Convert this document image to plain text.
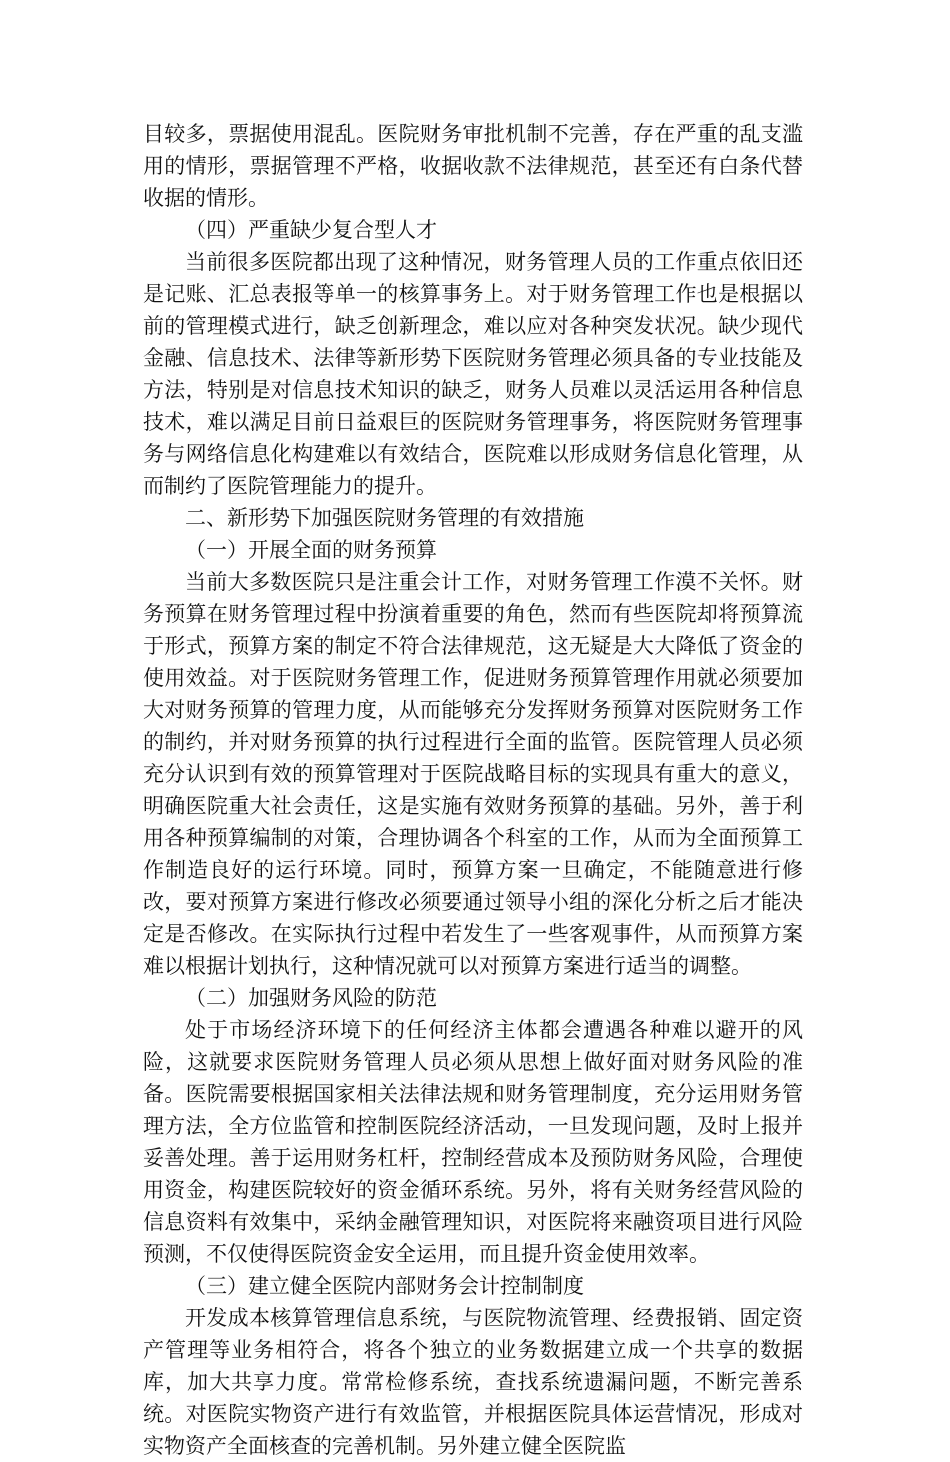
目较多，票据使用混乱。医院财务审批机制不完善，存在严重的乱支滥用的情形，票据管理不严格，收据收款不法律规范，甚至还有白条代替收据的情形。

（四）严重缺少复合型人才

当前很多医院都出现了这种情况，财务管理人员的工作重点依旧还是记账、汇总表报等单一的核算事务上。对于财务管理工作也是根据以前的管理模式进行，缺乏创新理念，难以应对各种突发状况。缺少现代金融、信息技术、法律等新形势下医院财务管理必须具备的专业技能及方法，特别是对信息技术知识的缺乏，财务人员难以灵活运用各种信息技术，难以满足目前日益艰巨的医院财务管理事务，将医院财务管理事务与网络信息化构建难以有效结合，医院难以形成财务信息化管理，从而制约了医院管理能力的提升。

二、新形势下加强医院财务管理的有效措施

（一）开展全面的财务预算

当前大多数医院只是注重会计工作，对财务管理工作漠不关怀。财务预算在财务管理过程中扮演着重要的角色，然而有些医院却将预算流于形式，预算方案的制定不符合法律规范，这无疑是大大降低了资金的使用效益。对于医院财务管理工作，促进财务预算管理作用就必须要加大对财务预算的管理力度，从而能够充分发挥财务预算对医院财务工作的制约，并对财务预算的执行过程进行全面的监管。医院管理人员必须充分认识到有效的预算管理对于医院战略目标的实现具有重大的意义，明确医院重大社会责任，这是实施有效财务预算的基础。另外，善于利用各种预算编制的对策，合理协调各个科室的工作，从而为全面预算工作制造良好的运行环境。同时，预算方案一旦确定，不能随意进行修改，要对预算方案进行修改必须要通过领导小组的深化分析之后才能决定是否修改。在实际执行过程中若发生了一些客观事件，从而预算方案难以根据计划执行，这种情况就可以对预算方案进行适当的调整。

（二）加强财务风险的防范

处于市场经济环境下的任何经济主体都会遭遇各种难以避开的风险，这就要求医院财务管理人员必须从思想上做好面对财务风险的准备。医院需要根据国家相关法律法规和财务管理制度，充分运用财务管理方法，全方位监管和控制医院经济活动，一旦发现问题，及时上报并妥善处理。善于运用财务杠杆，控制经营成本及预防财务风险，合理使用资金，构建医院较好的资金循环系统。另外，将有关财务经营风险的信息资料有效集中，采纳金融管理知识，对医院将来融资项目进行风险预测，不仅使得医院资金安全运用，而且提升资金使用效率。

（三）建立健全医院内部财务会计控制制度

开发成本核算管理信息系统，与医院物流管理、经费报销、固定资产管理等业务相符合，将各个独立的业务数据建立成一个共享的数据库，加大共享力度。常常检修系统，查找系统遗漏问题，不断完善系统。对医院实物资产进行有效监管，并根据医院具体运营情况，形成对实物资产全面核查的完善机制。另外建立健全医院监
